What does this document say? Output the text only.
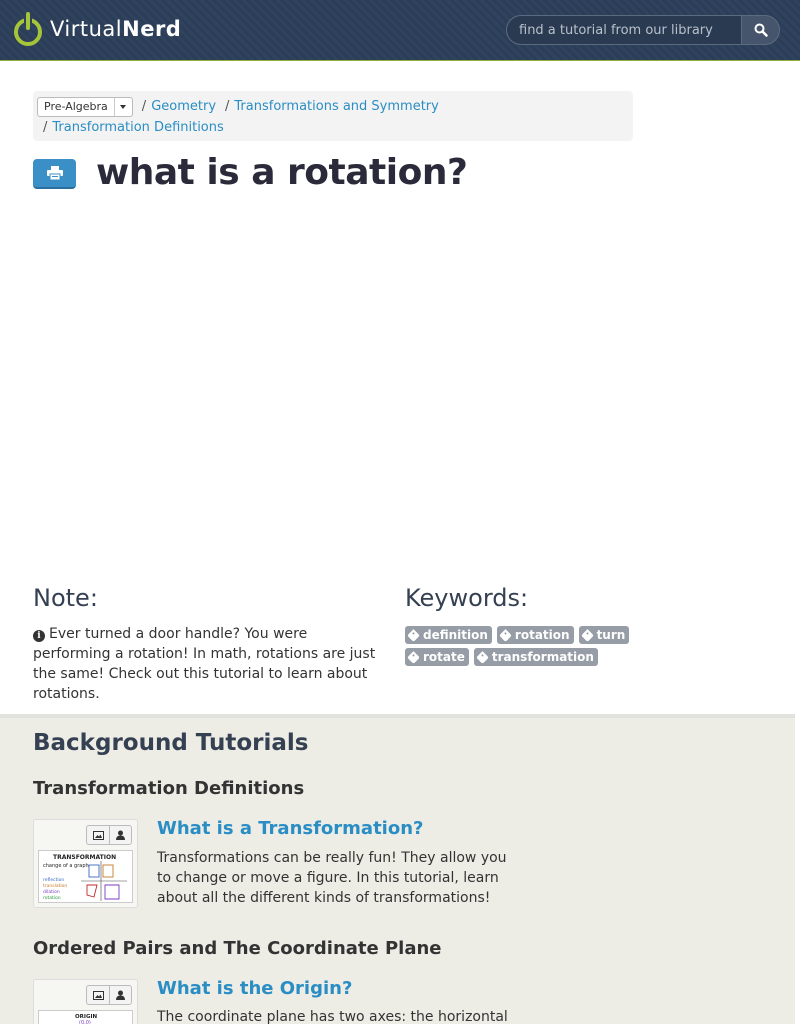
VirtualNerd
find a tutorial from our library
Pre-Algebra	/ Geometry / Transformations and Symmetry
/ Transformation Definitions
what is a rotation?
Note:
i Ever turned a door handle? You were performing a rotation! In math, rotations are just the same! Check out this tutorial to learn about rotations.
Keywords:
definition rotation turn
rotate transformation
Background Tutorials
Transformation Definitions
TRANSFORMATION
change of a graph
reflection
translation
dilation
rotation
What is a Transformation?
Transformations can be really fun! They allow you to change or move a figure. In this tutorial, learn about all the different kinds of transformations!
Ordered Pairs and The Coordinate Plane
ORIGIN
(0,0)
What is the Origin?
The coordinate plane has two axes: the horizontal
